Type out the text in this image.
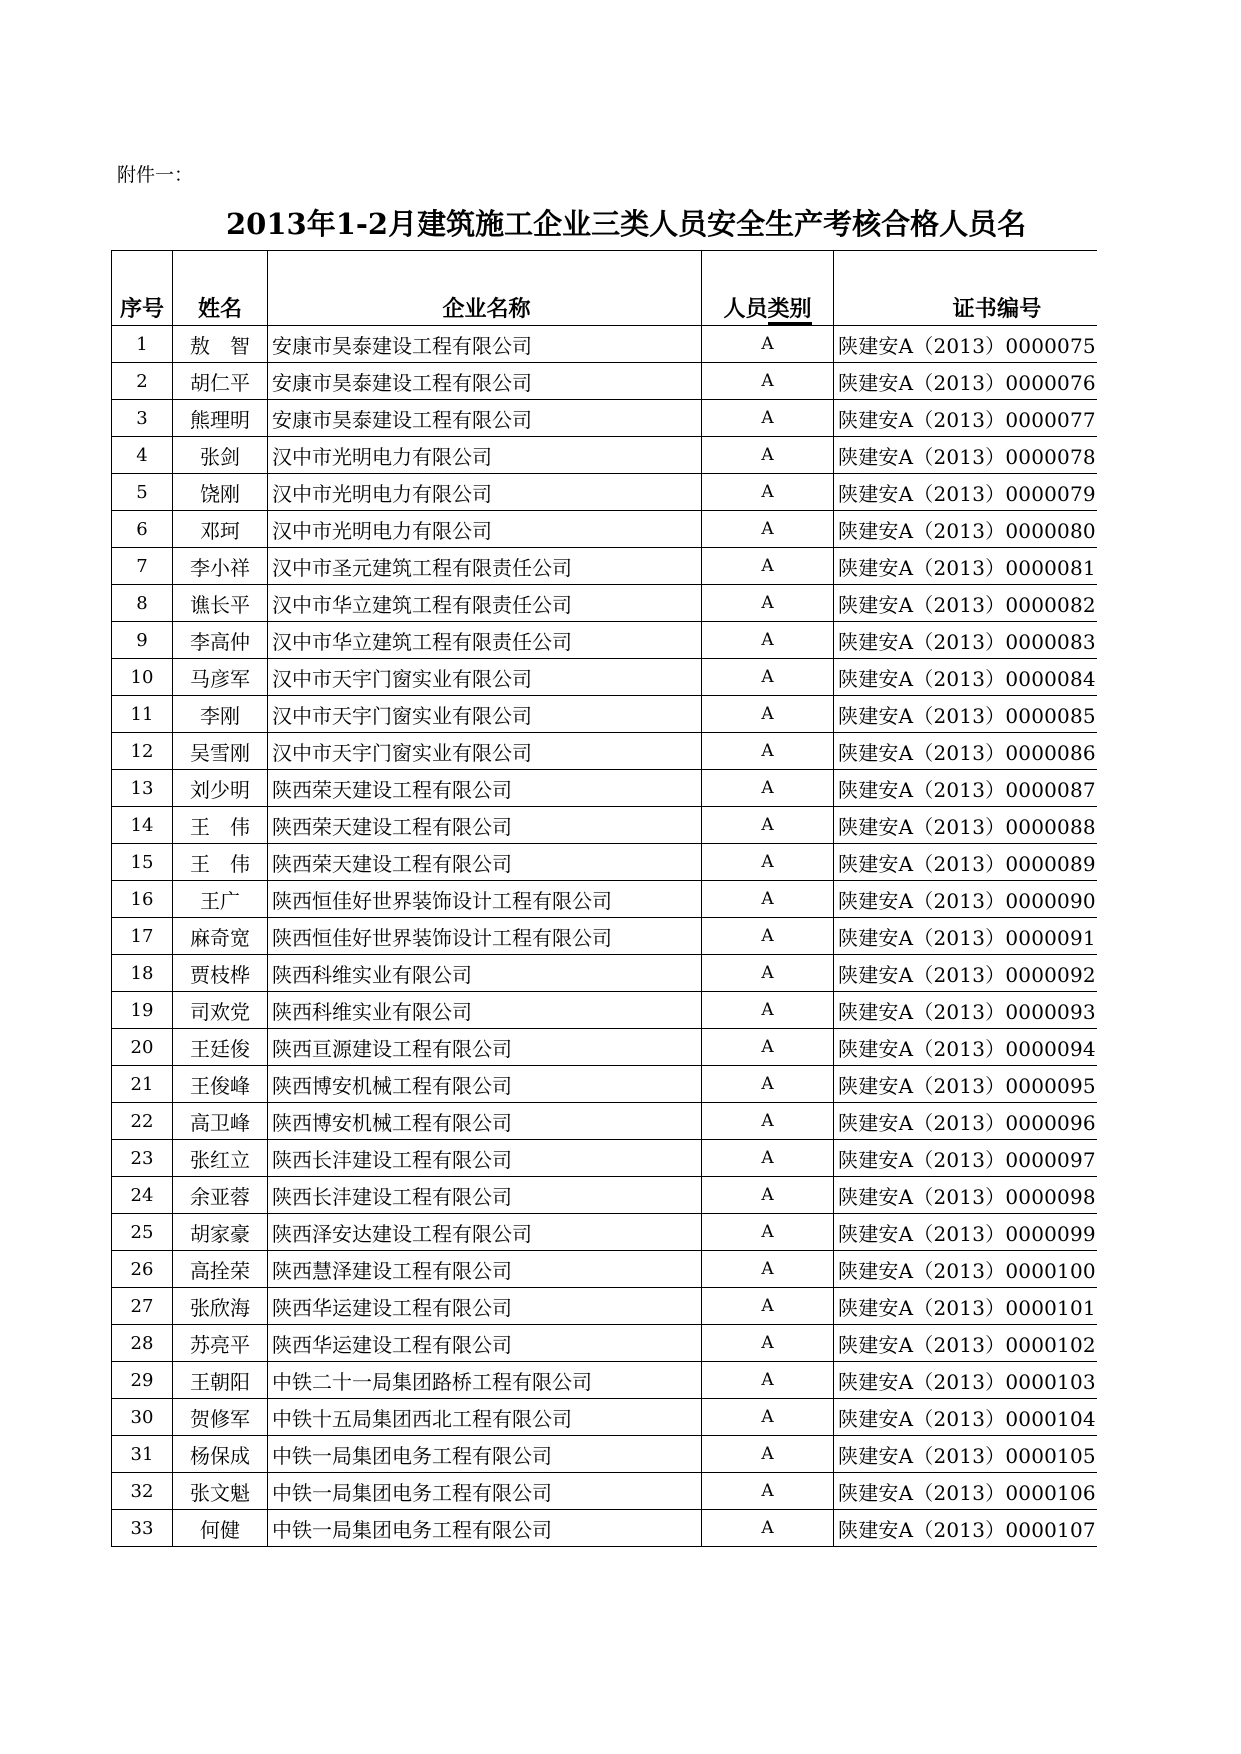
附件一：
2013年1-2月建筑施工企业三类人员安全生产考核合格人员名
序号	姓名	企业名称	人员类别	证书编号
1	敖　智	安康市昊泰建设工程有限公司	A	陕建安A（2013）0000075
2	胡仁平	安康市昊泰建设工程有限公司	A	陕建安A（2013）0000076
3	熊理明	安康市昊泰建设工程有限公司	A	陕建安A（2013）0000077
4	张剑	汉中市光明电力有限公司	A	陕建安A（2013）0000078
5	饶刚	汉中市光明电力有限公司	A	陕建安A（2013）0000079
6	邓珂	汉中市光明电力有限公司	A	陕建安A（2013）0000080
7	李小祥	汉中市圣元建筑工程有限责任公司	A	陕建安A（2013）0000081
8	谯长平	汉中市华立建筑工程有限责任公司	A	陕建安A（2013）0000082
9	李高仲	汉中市华立建筑工程有限责任公司	A	陕建安A（2013）0000083
10	马彦军	汉中市天宇门窗实业有限公司	A	陕建安A（2013）0000084
11	李刚	汉中市天宇门窗实业有限公司	A	陕建安A（2013）0000085
12	吴雪刚	汉中市天宇门窗实业有限公司	A	陕建安A（2013）0000086
13	刘少明	陕西荣天建设工程有限公司	A	陕建安A（2013）0000087
14	王　伟	陕西荣天建设工程有限公司	A	陕建安A（2013）0000088
15	王　伟	陕西荣天建设工程有限公司	A	陕建安A（2013）0000089
16	王广	陕西恒佳好世界装饰设计工程有限公司	A	陕建安A（2013）0000090
17	麻奇宽	陕西恒佳好世界装饰设计工程有限公司	A	陕建安A（2013）0000091
18	贾枝桦	陕西科维实业有限公司	A	陕建安A（2013）0000092
19	司欢党	陕西科维实业有限公司	A	陕建安A（2013）0000093
20	王廷俊	陕西亘源建设工程有限公司	A	陕建安A（2013）0000094
21	王俊峰	陕西博安机械工程有限公司	A	陕建安A（2013）0000095
22	高卫峰	陕西博安机械工程有限公司	A	陕建安A（2013）0000096
23	张红立	陕西长沣建设工程有限公司	A	陕建安A（2013）0000097
24	余亚蓉	陕西长沣建设工程有限公司	A	陕建安A（2013）0000098
25	胡家豪	陕西泽安达建设工程有限公司	A	陕建安A（2013）0000099
26	高拴荣	陕西慧泽建设工程有限公司	A	陕建安A（2013）0000100
27	张欣海	陕西华运建设工程有限公司	A	陕建安A（2013）0000101
28	苏亮平	陕西华运建设工程有限公司	A	陕建安A（2013）0000102
29	王朝阳	中铁二十一局集团路桥工程有限公司	A	陕建安A（2013）0000103
30	贺修军	中铁十五局集团西北工程有限公司	A	陕建安A（2013）0000104
31	杨保成	中铁一局集团电务工程有限公司	A	陕建安A（2013）0000105
32	张文魁	中铁一局集团电务工程有限公司	A	陕建安A（2013）0000106
33	何健	中铁一局集团电务工程有限公司	A	陕建安A（2013）0000107
